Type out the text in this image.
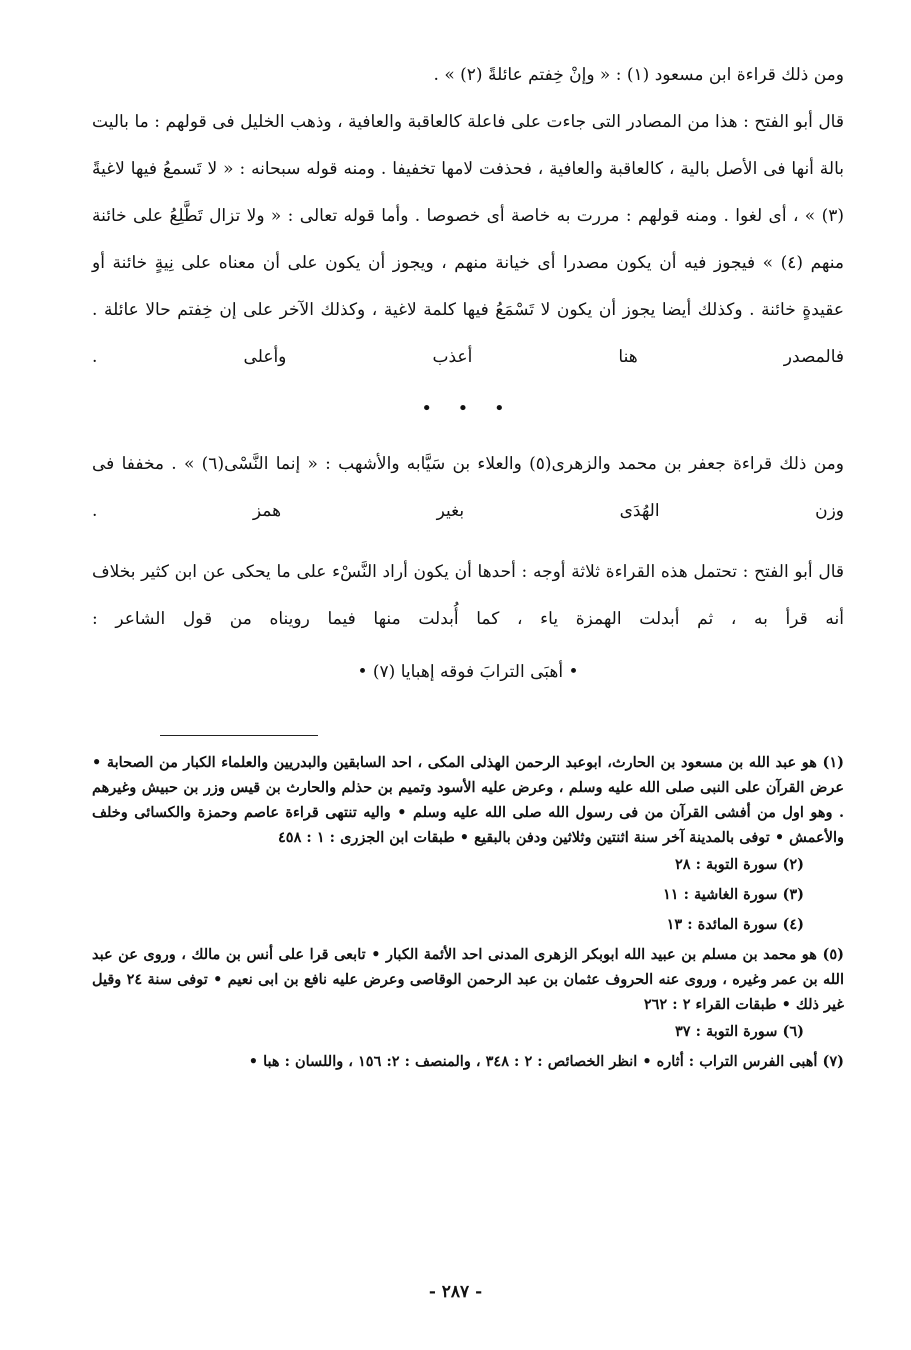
ومن ذلك قراءة ابن مسعود (١) : « وإنْ خِفتم عائلةً (٢) » .

قال أبو الفتح : هذا من المصادر التى جاءت على فاعلة كالعاقبة والعافية ، وذهب الخليل فى قولهم : ما باليت بالة أنها فى الأصل بالية ، كالعاقبة والعافية ، فحذفت لامها تخفيفا . ومنه قوله سبحانه : « لا تَسمعُ فيها لاغيةً (٣) » ، أى لغوا . ومنه قولهم : مررت به خاصة أى خصوصا . وأما قوله تعالى : « ولا تزال تَطَّلِعُ على خائنة منهم (٤) » فيجوز فيه أن يكون مصدرا أى خيانة منهم ، ويجوز أن يكون على أن معناه على نِيةٍ خائنة أو عقيدةٍ خائنة . وكذلك أيضا يجوز أن يكون لا تَسْمَعُ فيها كلمة لاغية ، وكذلك الآخر على إن خِفتم حالا عائلة . فالمصدر هنا أعذب وأعلى .

• • •

ومن ذلك قراءة جعفر بن محمد والزهرى(٥) والعلاء بن سَيَّابه والأشهب : « إنما النَّسْى(٦) » . مخففا فى وزن الهُدَى بغير همز .

قال أبو الفتح : تحتمل هذه القراءة ثلاثة أوجه : أحدها أن يكون أراد النَّسْء على ما يحكى عن ابن كثير بخلاف أنه قرأ به ، ثم أبدلت الهمزة ياء ، كما أُبدلت منها فيما رويناه من قول الشاعر :

• أهبَى الترابَ فوقه إهبايا (٧) •

(١) هو عبد الله بن مسعود بن الحارث، ابوعبد الرحمن الهذلى المكى ، احد السابقين والبدريين والعلماء الكبار من الصحابة • عرض القرآن على النبى صلى الله عليه وسلم ، وعرض عليه الأسود وتميم بن حذلم والحارث بن قيس وزر بن حبيش وغيرهم . وهو اول من أفشى القرآن من فى رسول الله صلى الله عليه وسلم • واليه تنتهى قراءة عاصم وحمزة والكسائى وخلف والأعمش • توفى بالمدينة آخر سنة اثنتين وثلاثين ودفن بالبقيع • طبقات ابن الجزرى : ١ : ٤٥٨

(٢) سورة التوبة : ٢٨

(٣) سورة الغاشية : ١١

(٤) سورة المائدة : ١٣

(٥) هو محمد بن مسلم بن عبيد الله ابوبكر الزهرى المدنى احد الأئمة الكبار • تابعى قرا على أنس بن مالك ، وروى عن عبد الله بن عمر وغيره ، وروى عنه الحروف عثمان بن عبد الرحمن الوقاصى وعرض عليه نافع بن ابى نعيم • توفى سنة ٢٤ وقيل غير ذلك • طبقات القراء ٢ : ٢٦٢

(٦) سورة التوبة : ٣٧

(٧) أهبى الفرس التراب : أثاره • انظر الخصائص : ٢ : ٣٤٨ ، والمنصف : ٢: ١٥٦ ، واللسان : هبا •

- ٢٨٧ -
